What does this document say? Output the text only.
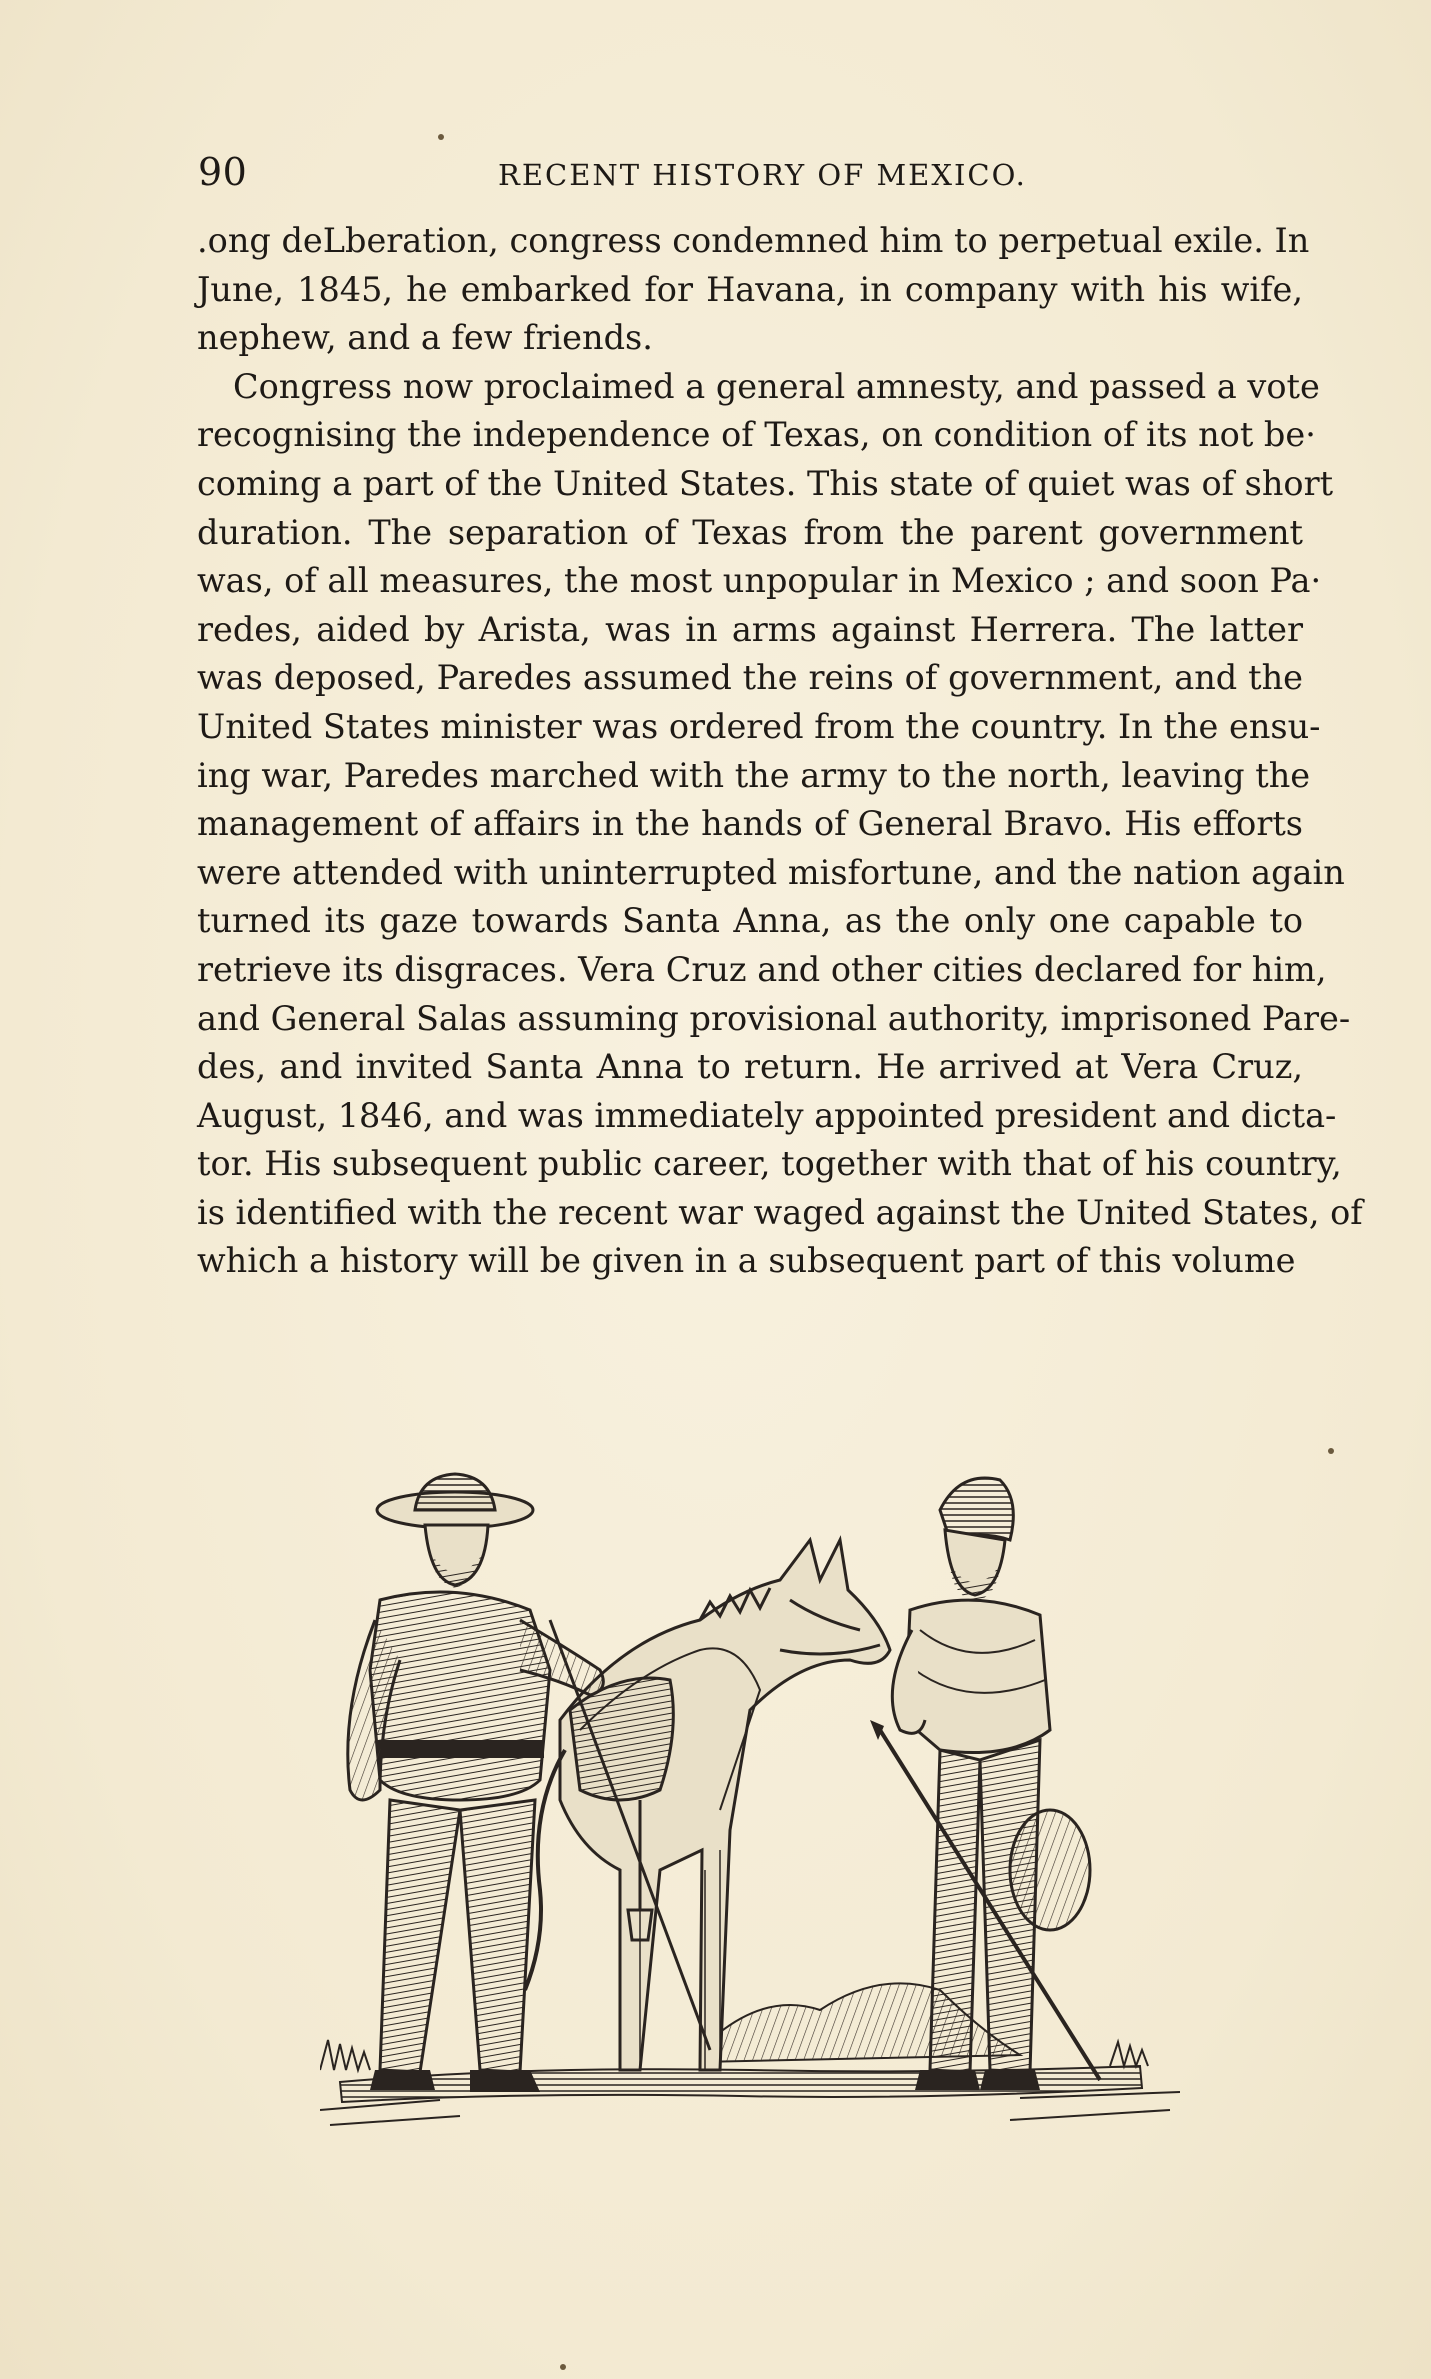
90	RECENT HISTORY OF MEXICO.
.ong deLberation, congress condemned him to perpetual exile. In
June, 1845, he embarked for Havana, in company with his wife,
nephew, and a few friends.
Congress now proclaimed a general amnesty, and passed a vote
recognising the independence of Texas, on condition of its not be·
coming a part of the United States. This state of quiet was of short
duration. The separation of Texas from the parent government
was, of all measures, the most unpopular in Mexico ; and soon Pa·
redes, aided by Arista, was in arms against Herrera. The latter
was deposed, Paredes assumed the reins of government, and the
United States minister was ordered from the country. In the ensu-
ing war, Paredes marched with the army to the north, leaving the
management of affairs in the hands of General Bravo. His efforts
were attended with uninterrupted misfortune, and the nation again
turned its gaze towards Santa Anna, as the only one capable to
retrieve its disgraces. Vera Cruz and other cities declared for him,
and General Salas assuming provisional authority, imprisoned Pare-
des, and invited Santa Anna to return. He arrived at Vera Cruz,
August, 1846, and was immediately appointed president and dicta-
tor. His subsequent public career, together with that of his country,
is identified with the recent war waged against the United States, of
which a history will be given in a subsequent part of this volume
